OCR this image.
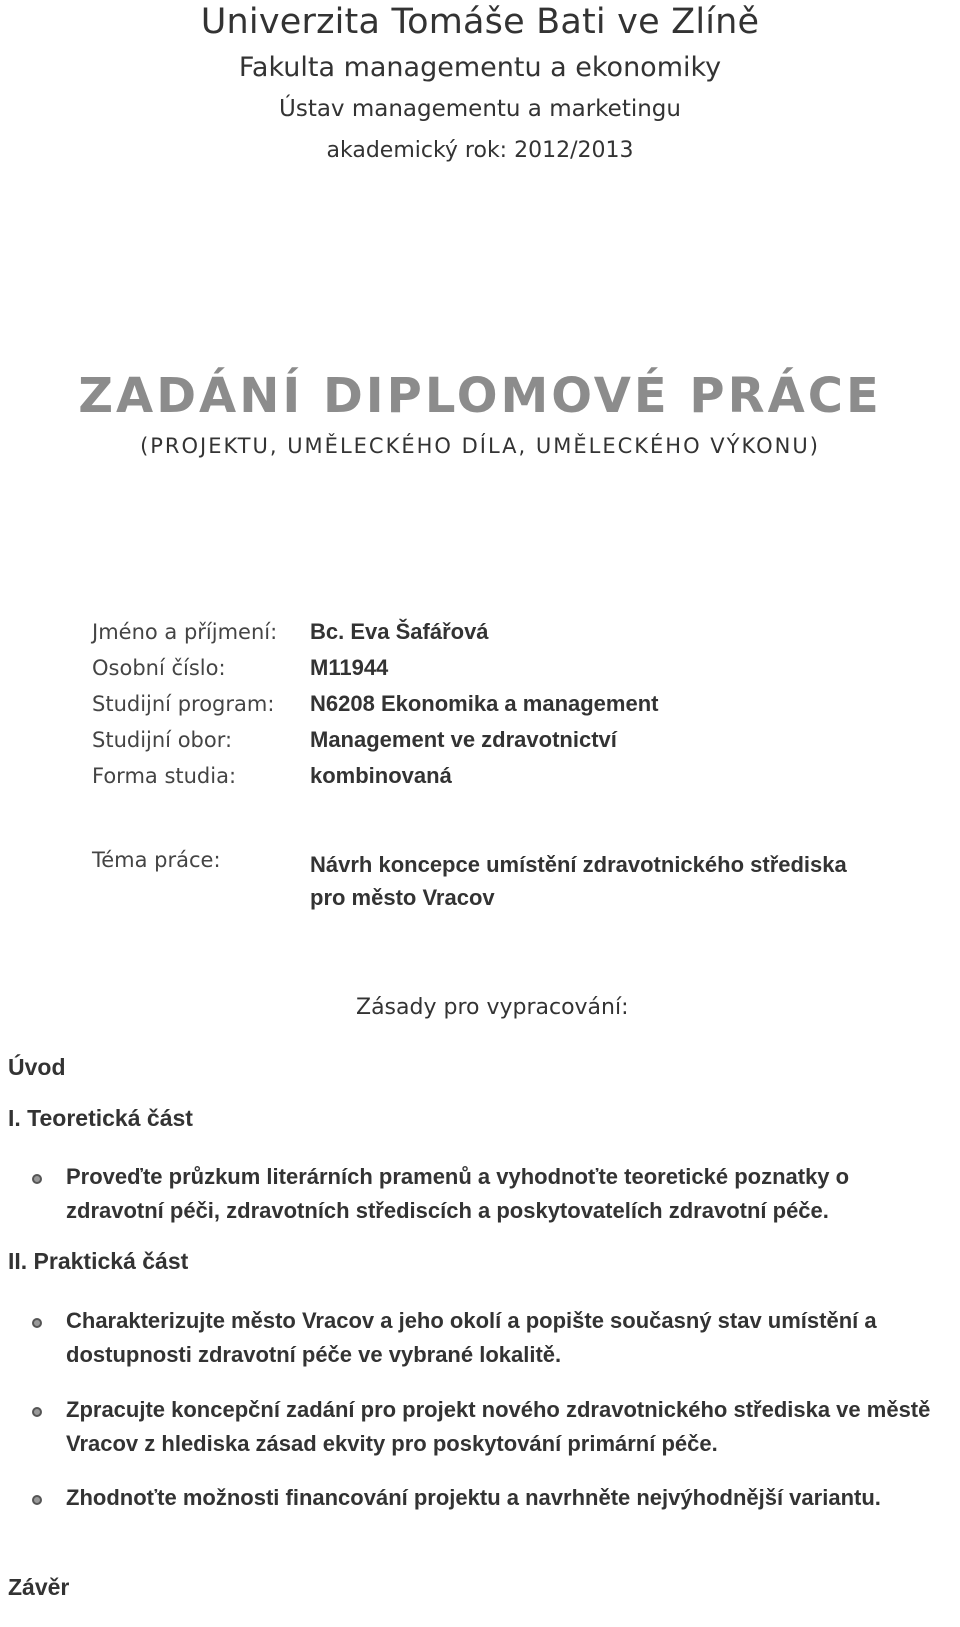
Univerzita Tomáše Bati ve Zlíně
Fakulta managementu a ekonomiky
Ústav managementu a marketingu
akademický rok: 2012/2013
ZADÁNÍ DIPLOMOVÉ PRÁCE
(PROJEKTU, UMĚLECKÉHO DÍLA, UMĚLECKÉHO VÝKONU)
Jméno a příjmení:	Bc. Eva Šafářová
Osobní číslo:	M11944
Studijní program:	N6208 Ekonomika a management
Studijní obor:	Management ve zdravotnictví
Forma studia:	kombinovaná
Téma práce:	Návrh koncepce umístění zdravotnického střediska
pro město Vracov
Zásady pro vypracování:
Úvod
I. Teoretická část
Proveďte průzkum literárních pramenů a vyhodnoťte teoretické poznatky o zdravotní péči, zdravotních střediscích a poskytovatelích zdravotní péče.
II. Praktická část
Charakterizujte město Vracov a jeho okolí a popište současný stav umístění a dostupnosti zdravotní péče ve vybrané lokalitě.
Zpracujte koncepční zadání pro projekt nového zdravotnického střediska ve městě Vracov z hlediska zásad ekvity pro poskytování primární péče.
Zhodnoťte možnosti financování projektu a navrhněte nejvýhodnější variantu.
Závěr
